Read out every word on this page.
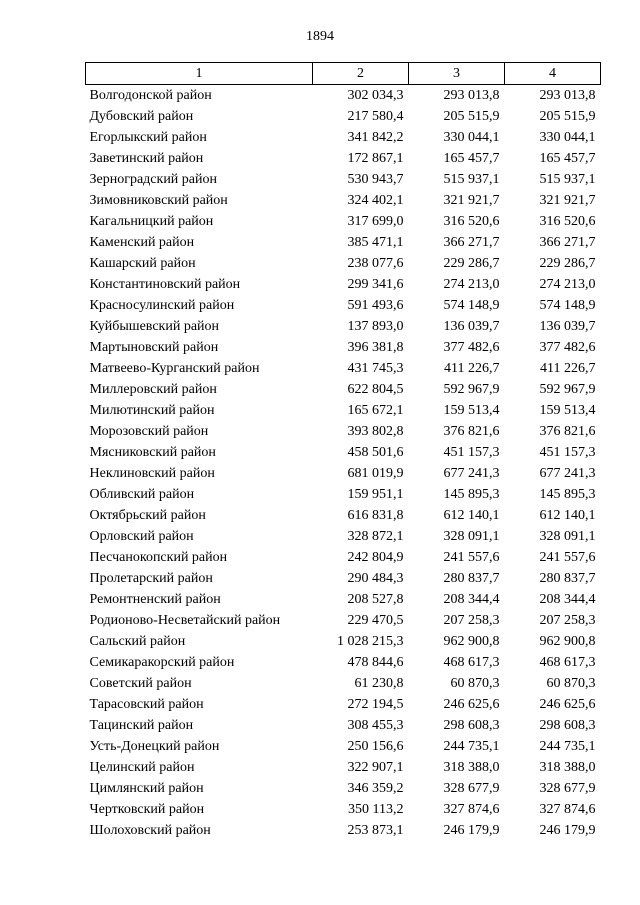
1894
1	2	3	4
Волгодонской район	302 034,3	293 013,8	293 013,8
Дубовский район	217 580,4	205 515,9	205 515,9
Егорлыкский район	341 842,2	330 044,1	330 044,1
Заветинский район	172 867,1	165 457,7	165 457,7
Зерноградский район	530 943,7	515 937,1	515 937,1
Зимовниковский район	324 402,1	321 921,7	321 921,7
Кагальницкий район	317 699,0	316 520,6	316 520,6
Каменский район	385 471,1	366 271,7	366 271,7
Кашарский район	238 077,6	229 286,7	229 286,7
Константиновский район	299 341,6	274 213,0	274 213,0
Красносулинский район	591 493,6	574 148,9	574 148,9
Куйбышевский район	137 893,0	136 039,7	136 039,7
Мартыновский район	396 381,8	377 482,6	377 482,6
Матвеево-Курганский район	431 745,3	411 226,7	411 226,7
Миллеровский район	622 804,5	592 967,9	592 967,9
Милютинский район	165 672,1	159 513,4	159 513,4
Морозовский район	393 802,8	376 821,6	376 821,6
Мясниковский район	458 501,6	451 157,3	451 157,3
Неклиновский район	681 019,9	677 241,3	677 241,3
Обливский район	159 951,1	145 895,3	145 895,3
Октябрьский район	616 831,8	612 140,1	612 140,1
Орловский район	328 872,1	328 091,1	328 091,1
Песчанокопский район	242 804,9	241 557,6	241 557,6
Пролетарский район	290 484,3	280 837,7	280 837,7
Ремонтненский район	208 527,8	208 344,4	208 344,4
Родионово-Несветайский район	229 470,5	207 258,3	207 258,3
Сальский район	1 028 215,3	962 900,8	962 900,8
Семикаракорский район	478 844,6	468 617,3	468 617,3
Советский район	61 230,8	60 870,3	60 870,3
Тарасовский район	272 194,5	246 625,6	246 625,6
Тацинский район	308 455,3	298 608,3	298 608,3
Усть-Донецкий район	250 156,6	244 735,1	244 735,1
Целинский район	322 907,1	318 388,0	318 388,0
Цимлянский район	346 359,2	328 677,9	328 677,9
Чертковский район	350 113,2	327 874,6	327 874,6
Шолоховский район	253 873,1	246 179,9	246 179,9
